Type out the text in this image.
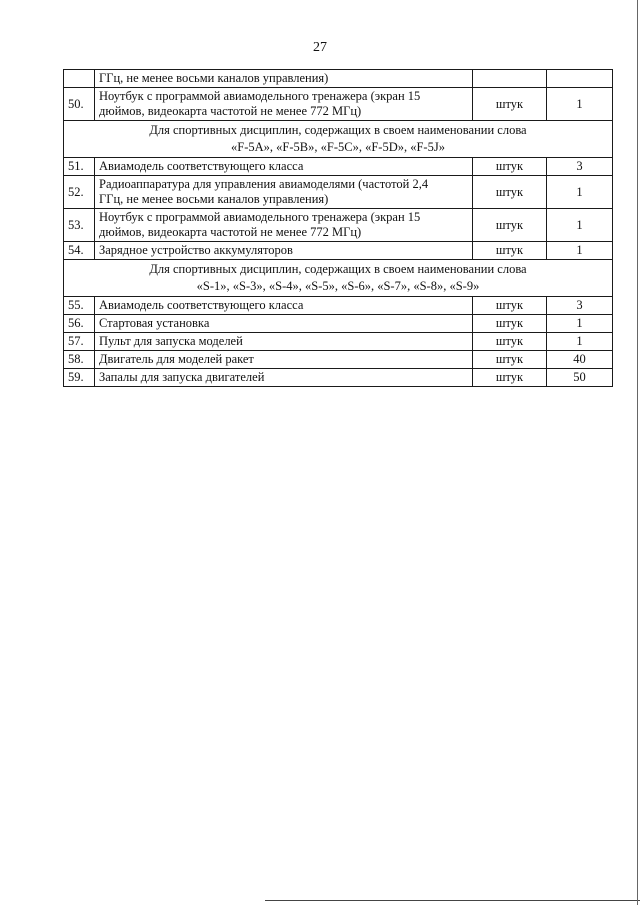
27

	ГГц, не менее восьми каналов управления)		

50.	Ноутбук с программой авиамодельного тренажера (экран 15
дюймов, видеокарта частотой не менее 772 МГц)	штук	1

Для спортивных дисциплин, содержащих в своем наименовании слова
«F-5A», «F-5B», «F-5C», «F-5D», «F-5J»			

51.	Авиамодель соответствующего класса	штук	3
52.	Радиоаппаратура для управления авиамоделями (частотой 2,4
ГГц, не менее восьми каналов управления)	штук	1
53.	Ноутбук с программой авиамодельного тренажера (экран 15
дюймов, видеокарта частотой не менее 772 МГц)	штук	1
54.	Зарядное устройство аккумуляторов	штук	1

Для спортивных дисциплин, содержащих в своем наименовании слова
«S-1», «S-3», «S-4», «S-5», «S-6», «S-7», «S-8», «S-9»			

55.	Авиамодель соответствующего класса	штук	3
56.	Стартовая установка	штук	1
57.	Пульт для запуска моделей	штук	1
58.	Двигатель для моделей ракет	штук	40
59.	Запалы для запуска двигателей	штук	50
